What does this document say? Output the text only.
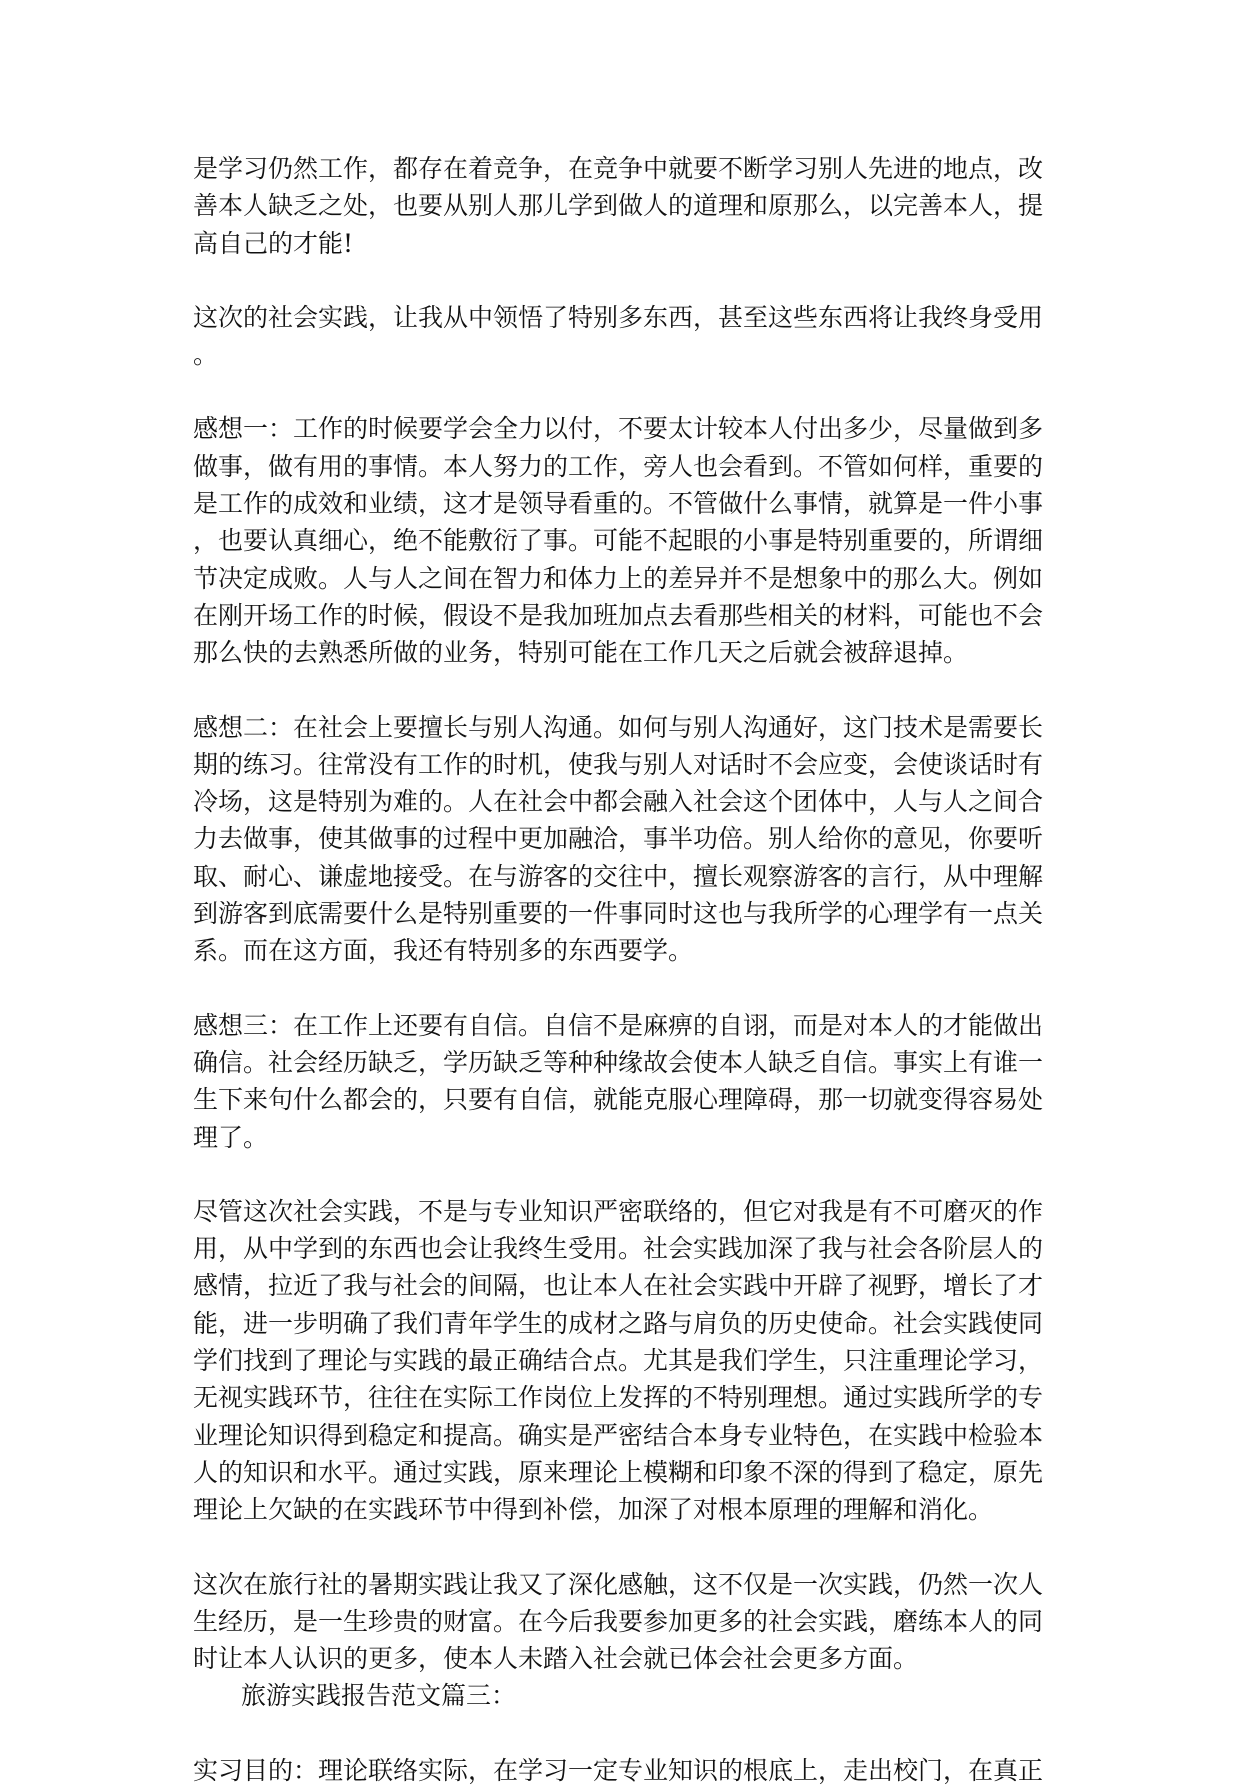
是学习仍然工作，都存在着竞争，在竞争中就要不断学习别人先进的地点，改善本人缺乏之处，也要从别人那儿学到做人的道理和原那么，以完善本人，提高自己的才能!

这次的社会实践，让我从中领悟了特别多东西，甚至这些东西将让我终身受用。

感想一：工作的时候要学会全力以付，不要太计较本人付出多少，尽量做到多做事，做有用的事情。本人努力的工作，旁人也会看到。不管如何样，重要的是工作的成效和业绩，这才是领导看重的。不管做什么事情，就算是一件小事，也要认真细心，绝不能敷衍了事。可能不起眼的小事是特别重要的，所谓细节决定成败。人与人之间在智力和体力上的差异并不是想象中的那么大。例如在刚开场工作的时候，假设不是我加班加点去看那些相关的材料，可能也不会那么快的去熟悉所做的业务，特别可能在工作几天之后就会被辞退掉。

感想二：在社会上要擅长与别人沟通。如何与别人沟通好，这门技术是需要长期的练习。往常没有工作的时机，使我与别人对话时不会应变，会使谈话时有冷场，这是特别为难的。人在社会中都会融入社会这个团体中，人与人之间合力去做事，使其做事的过程中更加融洽，事半功倍。别人给你的意见，你要听取、耐心、谦虚地接受。在与游客的交往中，擅长观察游客的言行，从中理解到游客到底需要什么是特别重要的一件事同时这也与我所学的心理学有一点关系。而在这方面，我还有特别多的东西要学。

感想三：在工作上还要有自信。自信不是麻痹的自诩，而是对本人的才能做出确信。社会经历缺乏，学历缺乏等种种缘故会使本人缺乏自信。事实上有谁一生下来句什么都会的，只要有自信，就能克服心理障碍，那一切就变得容易处理了。

尽管这次社会实践，不是与专业知识严密联络的，但它对我是有不可磨灭的作用，从中学到的东西也会让我终生受用。社会实践加深了我与社会各阶层人的感情，拉近了我与社会的间隔，也让本人在社会实践中开辟了视野，增长了才能，进一步明确了我们青年学生的成材之路与肩负的历史使命。社会实践使同学们找到了理论与实践的最正确结合点。尤其是我们学生，只注重理论学习，无视实践环节，往往在实际工作岗位上发挥的不特别理想。通过实践所学的专业理论知识得到稳定和提高。确实是严密结合本身专业特色，在实践中检验本人的知识和水平。通过实践，原来理论上模糊和印象不深的得到了稳定，原先理论上欠缺的在实践环节中得到补偿，加深了对根本原理的理解和消化。

这次在旅行社的暑期实践让我又了深化感触，这不仅是一次实践，仍然一次人生经历，是一生珍贵的财富。在今后我要参加更多的社会实践，磨练本人的同时让本人认识的更多，使本人未踏入社会就已体会社会更多方面。

旅游实践报告范文篇三：

实习目的：理论联络实际，在学习一定专业知识的根底上，走出校门，在真正
